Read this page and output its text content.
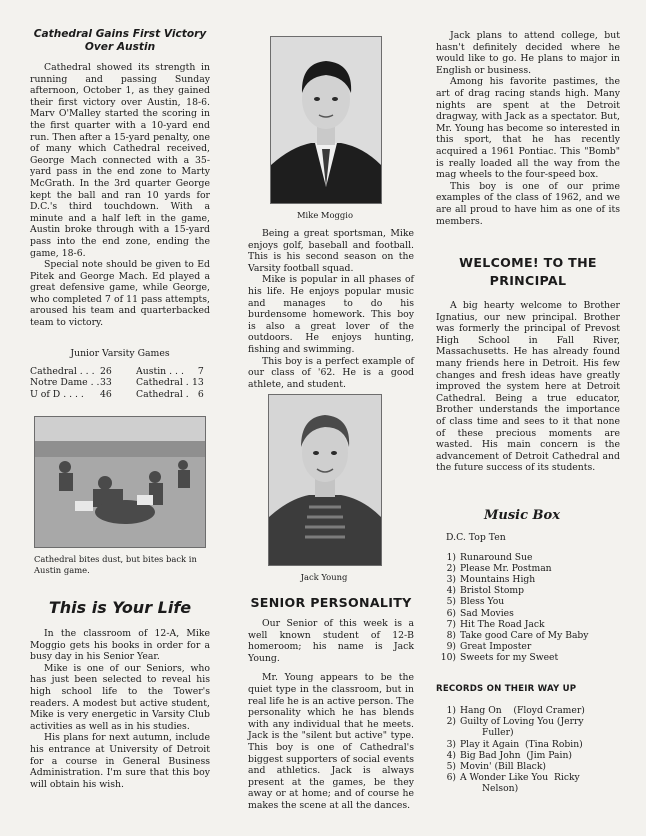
Cathedral Gains First Victory

Over Austin

Cathedral showed its strength in running and passing Sunday afternoon, October 1, as they gained their first victory over Austin, 18-6. Marv O'Malley started the scoring in the first quarter with a 10-yard end run. Then after a 15-yard penalty, one of many which Cathedral received, George Mach connected with a 35-yard pass in the end zone to Marty McGrath. In the 3rd quarter George kept the ball and ran 10 yards for D.C.'s third touchdown. With a minute and a half left in the game, Austin broke through with a 15-yard pass into the end zone, ending the game, 18-6.

Special note should be given to Ed Pitek and George Mach. Ed played a great defensive game, while George, who completed 7 of 11 pass attempts, aroused his team and quarterbacked team to victory.

Junior Varsity Games

Cathedral . . .	26	Austin . . .	7
Notre Dame . .	33	Cathedral .	13
U of D . . . .	46	Cathedral .	6

Cathedral bites dust, but bites back in Austin game.

This is Your Life

In the classroom of 12-A, Mike Moggio gets his books in order for a busy day in his Senior Year.

Mike is one of our Seniors, who has just been selected to reveal his high school life to the Tower's readers. A modest but active student, Mike is very energetic in Varsity Club activities as well as in his studies.

His plans for next autumn, include his entrance at University of Detroit for a course in General Business Administration. I'm sure that this boy will obtain his wish.

Mike Moggio

Being a great sportsman, Mike enjoys golf, baseball and football. This is his second season on the Varsity football squad.

Mike is popular in all phases of his life. He enjoys popular music and manages to do his burdensome homework. This boy is also a great lover of the outdoors. He enjoys hunting, fishing and swimming.

This boy is a perfect example of our class of '62. He is a good athlete, and student.

Jack Young

SENIOR PERSONALITY

Our Senior of this week is a well known student of 12-B homeroom; his name is Jack Young.

Mr. Young appears to be the quiet type in the classroom, but in real life he is an active person. The personality which he has blends with any individual that he meets. Jack is the "silent but active" type. This boy is one of Cathedral's biggest supporters of social events and athletics. Jack is always present at the games, be they away or at home; and of course he makes the scene at all the dances.

Jack plans to attend college, but hasn't definitely decided where he would like to go. He plans to major in English or business.

Among his favorite pastimes, the art of drag racing stands high. Many nights are spent at the Detroit dragway, with Jack as a spectator. But, Mr. Young has become so interested in this sport, that he has recently acquired a 1961 Pontiac. This "Bomb" is really loaded all the way from the mag wheels to the four-speed box.

This boy is one of our prime examples of the class of 1962, and we are all proud to have him as one of its members.

WELCOME! TO THE

PRINCIPAL

A big hearty welcome to Brother Ignatius, our new principal. Brother was formerly the principal of Prevost High School in Fall River, Massachusetts. He has already found many friends here in Detroit. His few changes and fresh ideas have greatly improved the system here at Detroit Cathedral. Being a true educator, Brother understands the importance of class time and sees to it that none of these precious moments are wasted. His main concern is the advancement of Detroit Cathedral and the future success of its students.

Music Box

D.C. Top Ten

1) Runaround Sue
2) Please Mr. Postman
3) Mountains High
4) Bristol Stomp
5) Bless You
6) Sad Movies
7) Hit The Road Jack
8) Take good Care of My Baby
9) Great Imposter
10) Sweets for my Sweet

RECORDS ON THEIR WAY UP

1) Hang On (Floyd Cramer)
2) Guilty of Loving You (Jerry
Fuller)
3) Play it Again (Tina Robin)
4) Big Bad John (Jim Pain)
5) Movin' (Bill Black)
6) A Wonder Like You Ricky
Nelson)
